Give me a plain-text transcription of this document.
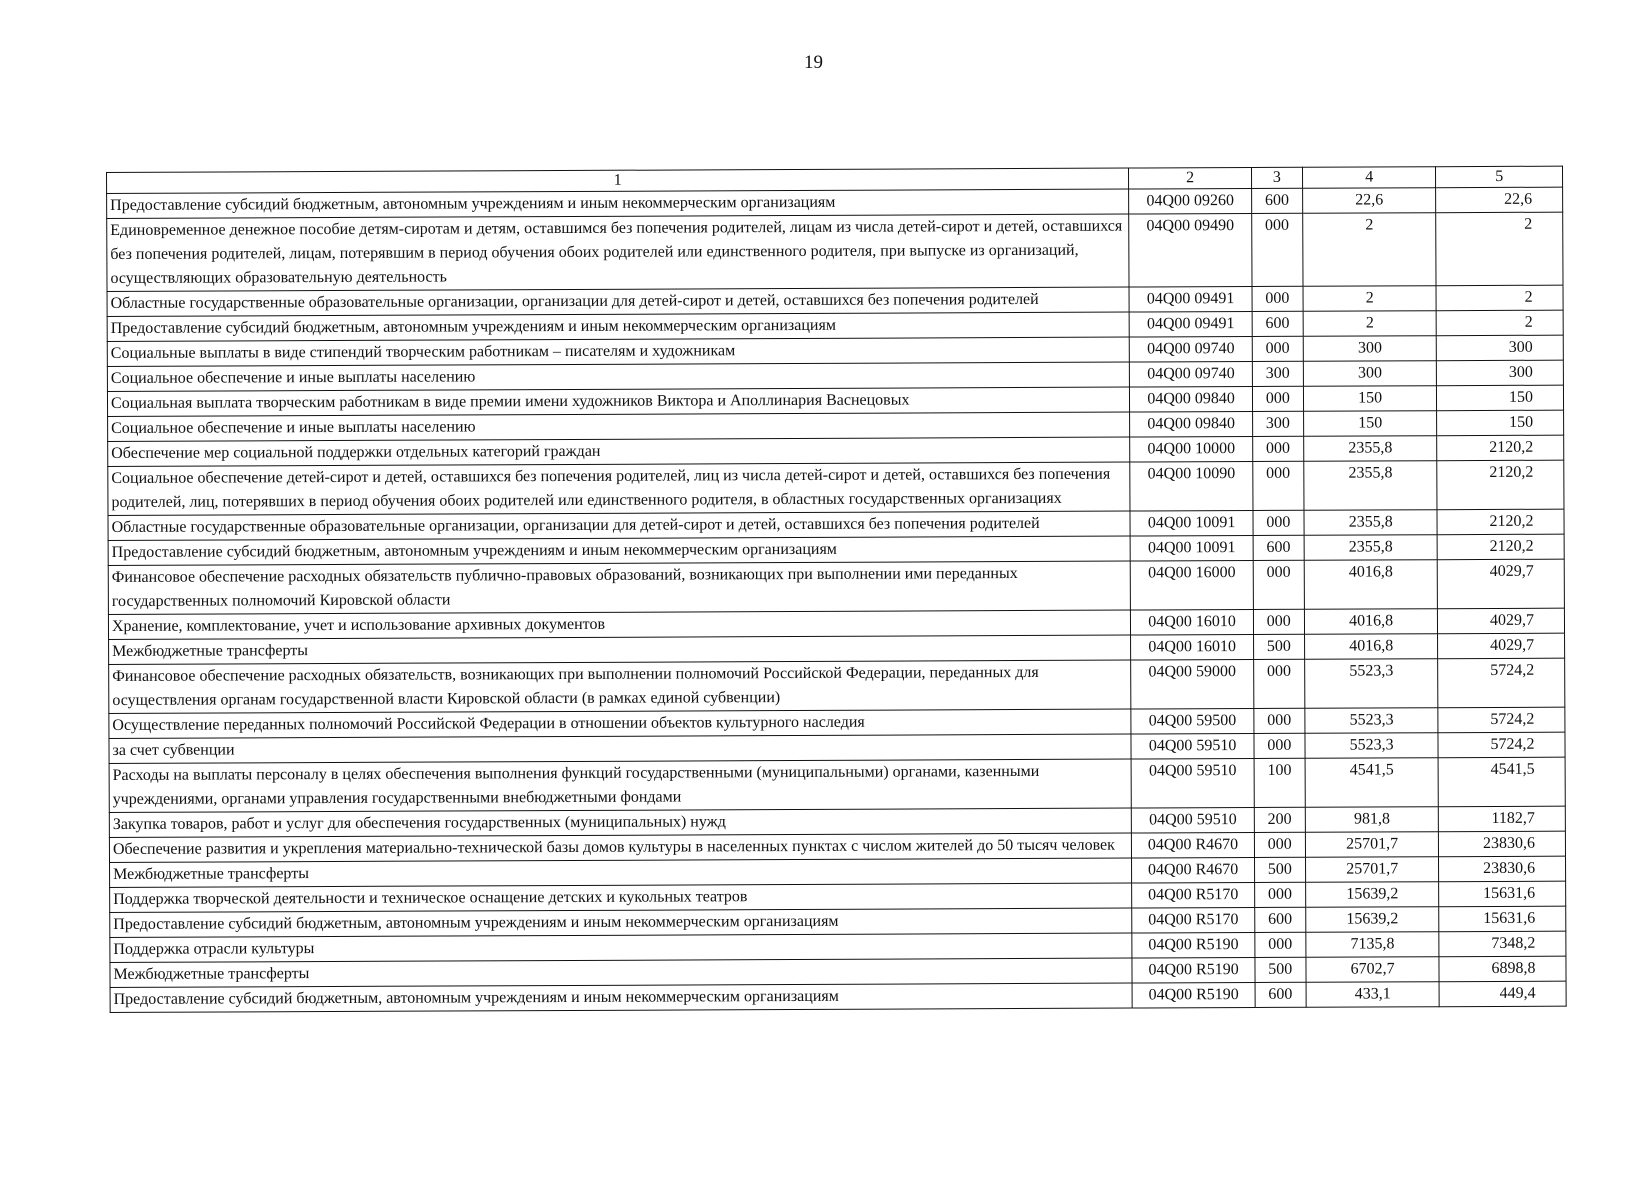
19
1	2	3	4	5
Предоставление субсидий бюджетным, автономным учреждениям и иным некоммерческим организациям	04Q00 09260	600	22,6	22,6
Единовременное денежное пособие детям-сиротам и детям, оставшимся без попечения родителей, лицам из числа детей-сирот и детей, оставшихся без попечения родителей, лицам, потерявшим в период обучения обоих родителей или единственного родителя, при выпуске из организаций, осуществляющих образовательную деятельность	04Q00 09490	000	2	2
Областные государственные образовательные организации, организации для детей-сирот и детей, оставшихся без попечения родителей	04Q00 09491	000	2	2
Предоставление субсидий бюджетным, автономным учреждениям и иным некоммерческим организациям	04Q00 09491	600	2	2
Социальные выплаты в виде стипендий творческим работникам – писателям и художникам	04Q00 09740	000	300	300
Социальное обеспечение и иные выплаты населению	04Q00 09740	300	300	300
Социальная выплата творческим работникам в виде премии имени художников Виктора и Аполлинария Васнецовых	04Q00 09840	000	150	150
Социальное обеспечение и иные выплаты населению	04Q00 09840	300	150	150
Обеспечение мер социальной поддержки отдельных категорий граждан	04Q00 10000	000	2355,8	2120,2
Социальное обеспечение детей-сирот и детей, оставшихся без попечения родителей, лиц из числа детей-сирот и детей, оставшихся без попечения родителей, лиц, потерявших в период обучения обоих родителей или единственного родителя, в областных государственных организациях	04Q00 10090	000	2355,8	2120,2
Областные государственные образовательные организации, организации для детей-сирот и детей, оставшихся без попечения родителей	04Q00 10091	000	2355,8	2120,2
Предоставление субсидий бюджетным, автономным учреждениям и иным некоммерческим организациям	04Q00 10091	600	2355,8	2120,2
Финансовое обеспечение расходных обязательств публично-правовых образований, возникающих при выполнении ими переданных государственных полномочий Кировской области	04Q00 16000	000	4016,8	4029,7
Хранение, комплектование, учет и использование архивных документов	04Q00 16010	000	4016,8	4029,7
Межбюджетные трансферты	04Q00 16010	500	4016,8	4029,7
Финансовое обеспечение расходных обязательств, возникающих при выполнении полномочий Российской Федерации, переданных для осуществления органам государственной власти Кировской области (в рамках единой субвенции)	04Q00 59000	000	5523,3	5724,2
Осуществление переданных полномочий Российской Федерации в отношении объектов культурного наследия	04Q00 59500	000	5523,3	5724,2
за счет субвенции	04Q00 59510	000	5523,3	5724,2
Расходы на выплаты персоналу в целях обеспечения выполнения функций государственными (муниципальными) органами, казенными учреждениями, органами управления государственными внебюджетными фондами	04Q00 59510	100	4541,5	4541,5
Закупка товаров, работ и услуг для обеспечения государственных (муниципальных) нужд	04Q00 59510	200	981,8	1182,7
Обеспечение развития и укрепления материально-технической базы домов культуры в населенных пунктах с числом жителей до 50 тысяч человек	04Q00 R4670	000	25701,7	23830,6
Межбюджетные трансферты	04Q00 R4670	500	25701,7	23830,6
Поддержка творческой деятельности и техническое оснащение детских и кукольных театров	04Q00 R5170	000	15639,2	15631,6
Предоставление субсидий бюджетным, автономным учреждениям и иным некоммерческим организациям	04Q00 R5170	600	15639,2	15631,6
Поддержка отрасли культуры	04Q00 R5190	000	7135,8	7348,2
Межбюджетные трансферты	04Q00 R5190	500	6702,7	6898,8
Предоставление субсидий бюджетным, автономным учреждениям и иным некоммерческим организациям	04Q00 R5190	600	433,1	449,4
